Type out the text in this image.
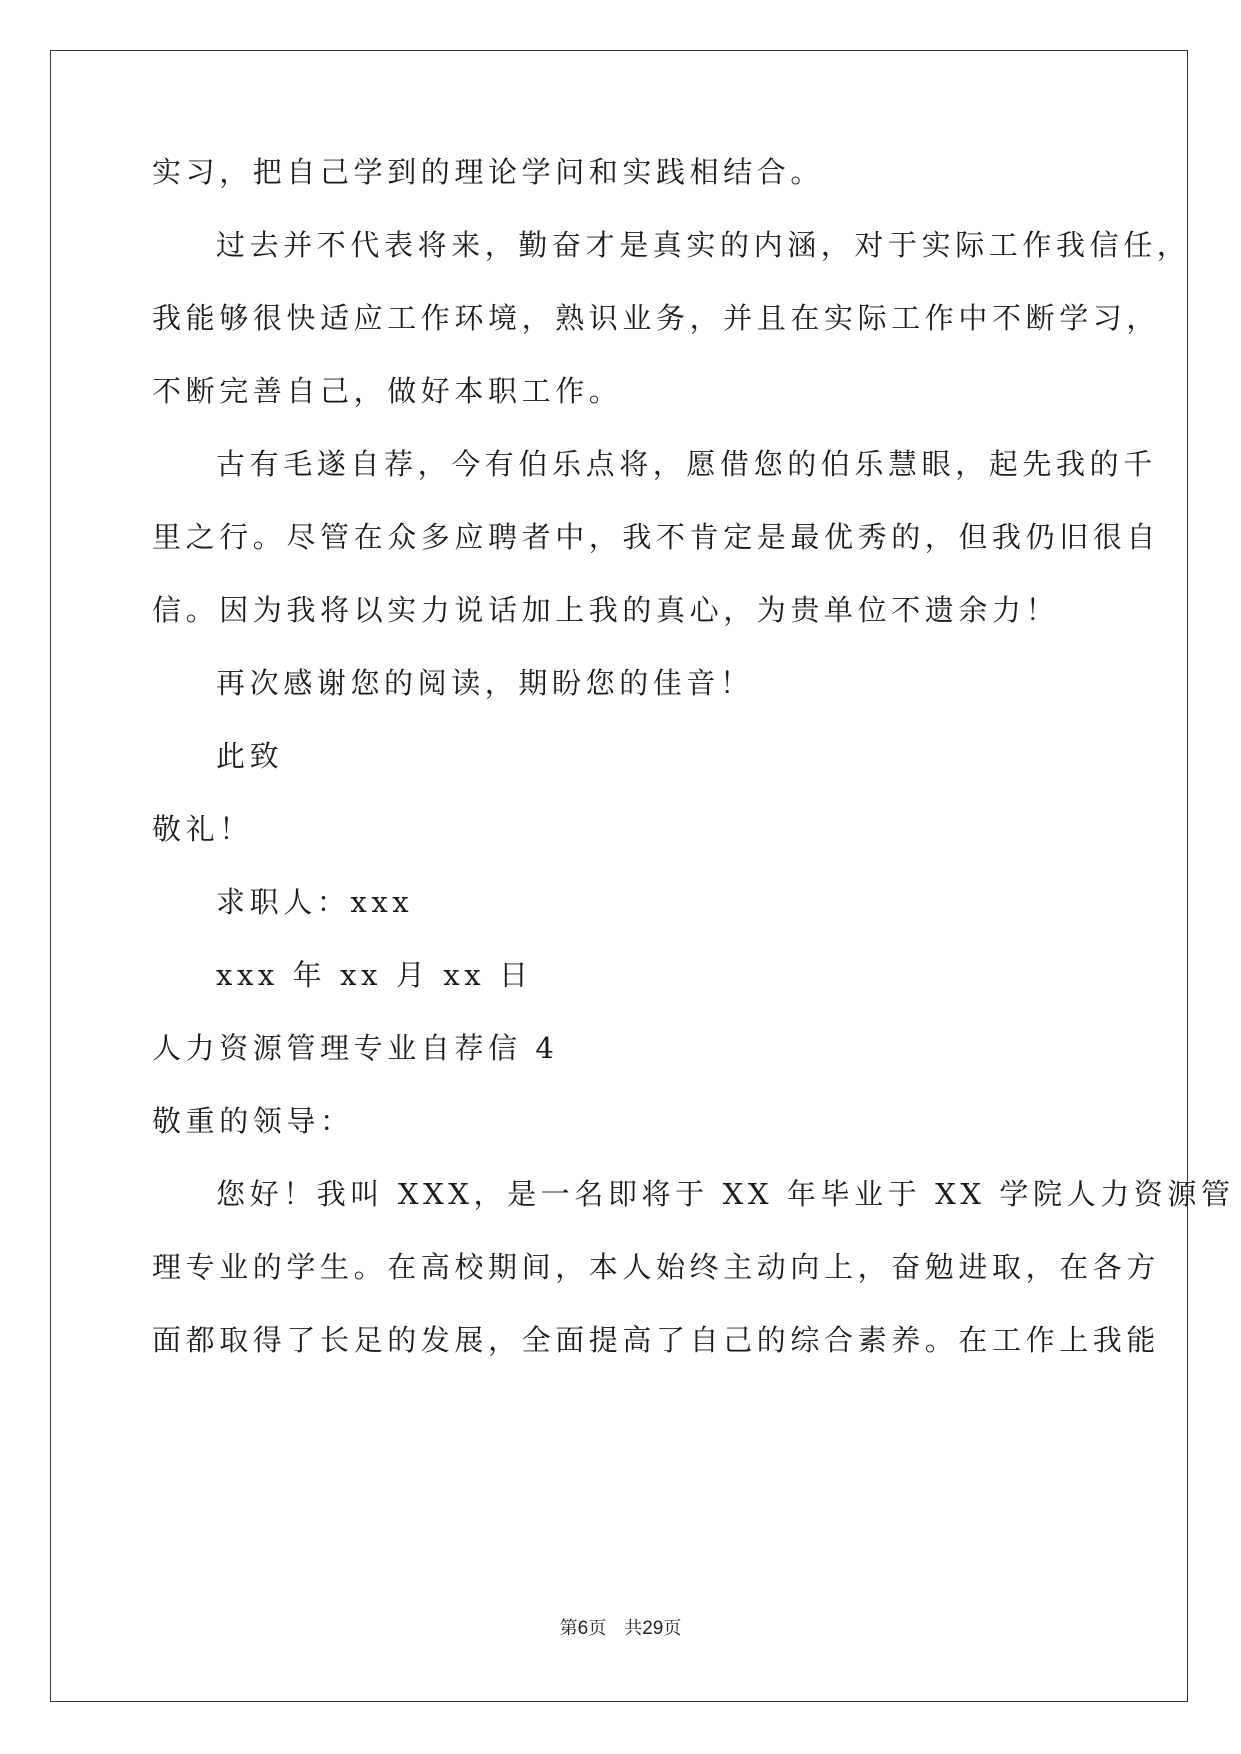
实习，把自己学到的理论学问和实践相结合。
过去并不代表将来，勤奋才是真实的内涵，对于实际工作我信任，
我能够很快适应工作环境，熟识业务，并且在实际工作中不断学习，
不断完善自己，做好本职工作。
古有毛遂自荐，今有伯乐点将，愿借您的伯乐慧眼，起先我的千
里之行。尽管在众多应聘者中，我不肯定是最优秀的，但我仍旧很自
信。因为我将以实力说话加上我的真心，为贵单位不遗余力！
再次感谢您的阅读，期盼您的佳音！
此致
敬礼！
求职人：xxx
xxx 年 xx 月 xx 日
人力资源管理专业自荐信 4
敬重的领导：
您好！我叫 XXX，是一名即将于 XX 年毕业于 XX 学院人力资源管
理专业的学生。在高校期间，本人始终主动向上，奋勉进取，在各方
面都取得了长足的发展，全面提高了自己的综合素养。在工作上我能
第6页　共29页
